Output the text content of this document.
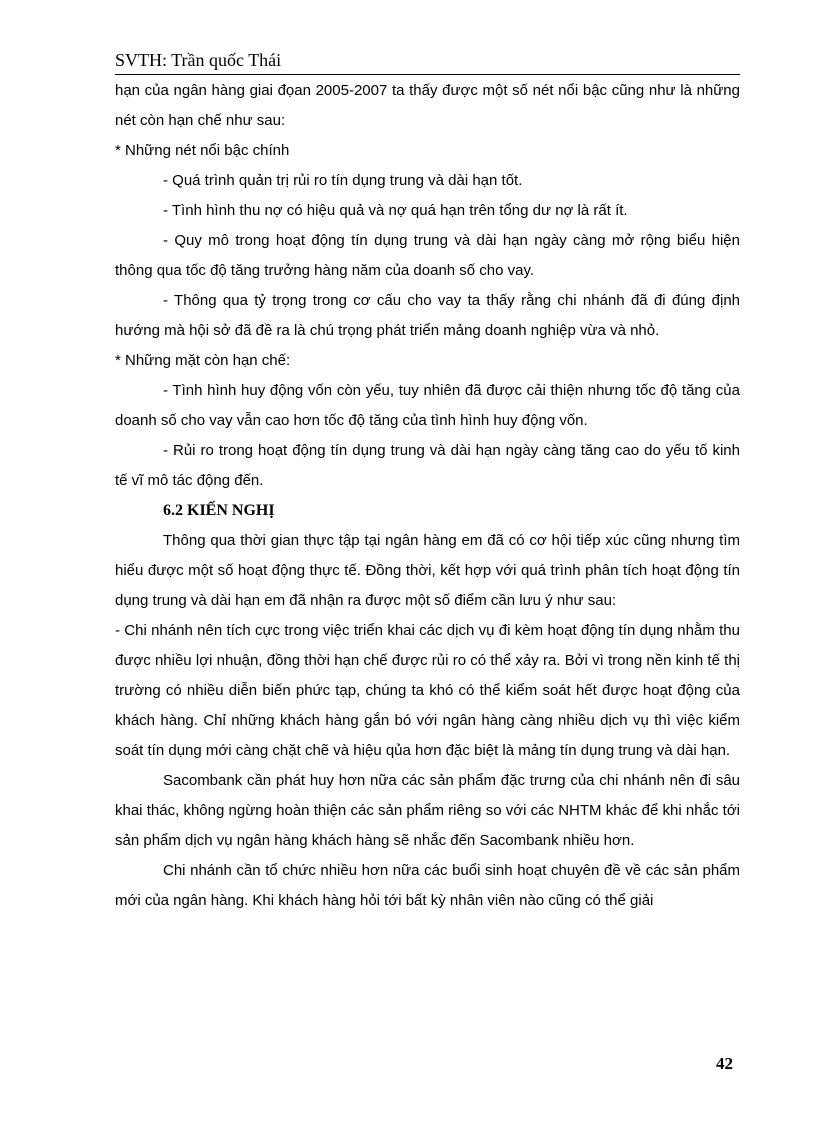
SVTH: Trần quốc Thái

hạn của ngân hàng giai đọan 2005-2007 ta thấy được một số nét nổi bậc cũng như là những nét còn hạn chế như sau:

* Những nét nổi bậc chính

- Quá trình quản trị rủi ro tín dụng trung và dài hạn tốt.

- Tình hình thu nợ có hiệu quả và nợ quá hạn trên tổng dư nợ là rất ít.

- Quy mô trong hoạt động tín dụng trung và dài hạn ngày càng mở rộng biểu hiện thông qua tốc độ tăng trưởng hàng năm của doanh số cho vay.

- Thông qua tỷ trọng trong cơ cấu cho vay ta thấy rằng chi nhánh đã đi đúng định hướng mà hội sở đã đề ra là chú trọng phát triển mảng doanh nghiệp vừa và nhỏ.

* Những mặt còn hạn chế:

- Tình hình huy động vốn còn yếu, tuy nhiên đã được cải thiện nhưng tốc độ tăng của doanh số cho vay vẫn cao hơn tốc độ tăng của tình hình huy động vốn.

- Rủi ro trong hoạt động tín dụng trung và dài hạn ngày càng tăng cao do yếu tố kinh tế vĩ mô tác động đến.

6.2 KIẾN NGHỊ

Thông qua thời gian thực tập tại ngân hàng em đã có cơ hội tiếp xúc cũng nhưng tìm hiểu được một số hoạt động thực tế. Đồng thời, kết hợp với quá trình phân tích hoạt động tín dụng trung và dài hạn em đã nhận ra được một số điểm cần lưu ý như sau:

- Chi nhánh nên tích cực trong việc triển khai các dịch vụ đi kèm hoạt động tín dụng nhằm thu được nhiều lợi nhuận, đồng thời hạn chế được rủi ro có thể xảy ra. Bởi vì trong nền kinh tế thị trường có nhiều diễn biến phức tạp, chúng ta khó có thể kiểm soát hết được hoạt động của khách hàng. Chỉ những khách hàng gắn bó với ngân hàng càng nhiều dịch vụ thì việc kiểm soát tín dụng mới càng chặt chẽ và hiệu qủa hơn đặc biệt là mảng tín dụng trung và dài hạn.

Sacombank cần phát huy hơn nữa các sản phẩm đặc trưng của chi nhánh nên đi sâu khai thác, không ngừng hoàn thiện các sản phẩm riêng so với các NHTM khác để khi nhắc tới sản phẩm dịch vụ ngân hàng khách hàng sẽ nhắc đến Sacombank nhiều hơn.

Chi nhánh cần tổ chức nhiều hơn nữa các buổi sinh hoạt chuyên đề về các sản phẩm mới của ngân hàng. Khi khách hàng hỏi tới bất kỳ nhân viên nào cũng có thể giải

42
